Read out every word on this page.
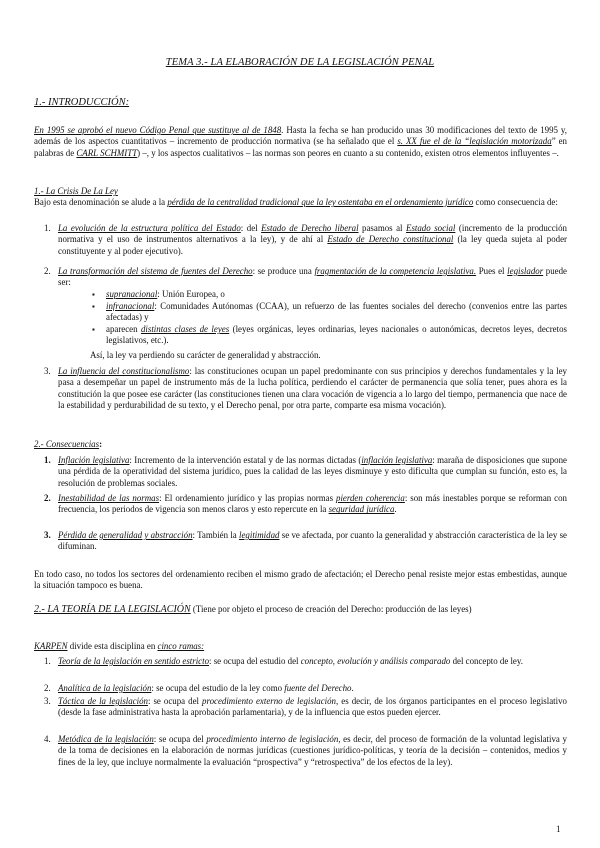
TEMA 3.- LA ELABORACIÓN DE LA LEGISLACIÓN PENAL
1.- INTRODUCCIÓN:
En 1995 se aprobó el nuevo Código Penal que sustituye al de 1848. Hasta la fecha se han producido unas 30 modificaciones del texto de 1995 y, además de los aspectos cuantitativos – incremento de producción normativa (se ha señalado que el s. XX fue el de la “legislación motorizada” en palabras de CARL SCHMITT) –, y los aspectos cualitativos – las normas son peores en cuanto a su contenido, existen otros elementos influyentes –.
1.- La Crisis De La Ley
Bajo esta denominación se alude a la pérdida de la centralidad tradicional que la ley ostentaba en el ordenamiento jurídico como consecuencia de:
1. La evolución de la estructura política del Estado: del Estado de Derecho liberal pasamos al Estado social (incremento de la producción normativa y el uso de instrumentos alternativos a la ley), y de ahí al Estado de Derecho constitucional (la ley queda sujeta al poder constituyente y al poder ejecutivo).
2. La transformación del sistema de fuentes del Derecho: se produce una fragmentación de la competencia legislativa. Pues el legislador puede ser:
▪ supranacional: Unión Europea, o
▪ infranacional: Comunidades Autónomas (CCAA), un refuerzo de las fuentes sociales del derecho (convenios entre las partes afectadas) y
▪ aparecen distintas clases de leyes (leyes orgánicas, leyes ordinarias, leyes nacionales o autonómicas, decretos leyes, decretos legislativos, etc.).
Así, la ley va perdiendo su carácter de generalidad y abstracción.
3. La influencia del constitucionalismo: las constituciones ocupan un papel predominante con sus principios y derechos fundamentales y la ley pasa a desempeñar un papel de instrumento más de la lucha política, perdiendo el carácter de permanencia que solía tener, pues ahora es la constitución la que posee ese carácter (las constituciones tienen una clara vocación de vigencia a lo largo del tiempo, permanencia que nace de la estabilidad y perdurabilidad de su texto, y el Derecho penal, por otra parte, comparte esa misma vocación).
2.- Consecuencias:
1. Inflación legislativa: Incremento de la intervención estatal y de las normas dictadas (inflación legislativa: maraña de disposiciones que supone una pérdida de la operatividad del sistema jurídico, pues la calidad de las leyes disminuye y esto dificulta que cumplan su función, esto es, la resolución de problemas sociales.
2. Inestabilidad de las normas: El ordenamiento jurídico y las propias normas pierden coherencia: son más inestables porque se reforman con frecuencia, los periodos de vigencia son menos claros y esto repercute en la seguridad jurídica.
3. Pérdida de generalidad y abstracción: También la legitimidad se ve afectada, por cuanto la generalidad y abstracción característica de la ley se difuminan.
En todo caso, no todos los sectores del ordenamiento reciben el mismo grado de afectación; el Derecho penal resiste mejor estas embestidas, aunque la situación tampoco es buena.
2.- LA TEORÍA DE LA LEGISLACIÓN (Tiene por objeto el proceso de creación del Derecho: producción de las leyes)
KARPEN divide esta disciplina en cinco ramas:
1. Teoría de la legislación en sentido estricto: se ocupa del estudio del concepto, evolución y análisis comparado del concepto de ley.
2. Analítica de la legislación: se ocupa del estudio de la ley como fuente del Derecho.
3. Táctica de la legislación: se ocupa del procedimiento externo de legislación, es decir, de los órganos participantes en el proceso legislativo (desde la fase administrativa hasta la aprobación parlamentaria), y de la influencia que estos pueden ejercer.
4. Metódica de la legislación: se ocupa del procedimiento interno de legislación, es decir, del proceso de formación de la voluntad legislativa y de la toma de decisiones en la elaboración de normas jurídicas (cuestiones jurídico-políticas, y teoría de la decisión – contenidos, medios y fines de la ley, que incluye normalmente la evaluación “prospectiva” y “retrospectiva” de los efectos de la ley).
1
